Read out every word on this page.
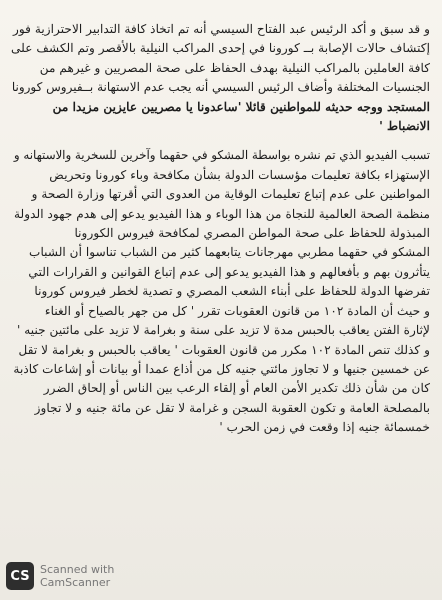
و قد سبق و أكد الرئيس عبد الفتاح السيسي أنه تم اتخاذ كافة التدابير الاحترازية فور
إكتشاف حالات الإصابة بــ كورونا في إحدى المراكب النيلية بالأقصر وتم الكشف على
كافة العاملين بالمراكب النيلية بهدف الحفاظ على صحة المصريين و غيرهم من
الجنسيات المختلفة وأضاف الرئيس السيسي أنه يجب عدم الاستهانة بــفيروس كورونا
المستجد ووجه حديثه للمواطنين قائلا 'ساعدونا يا مصريين عايزين مزيدا من
الانضباط '
تسبب الفيديو الذي تم نشره بواسطة المشكو في حقهما وآخرين للسخرية والاستهانه و
الإستهزاء بكافة تعليمات مؤسسات الدولة بشأن مكافحة وباء كورونا وتحريض
المواطنين على عدم إتباع تعليمات الوقاية من العدوى التي أقرتها وزارة الصحة و
منظمة الصحة العالمية للنجاة من هذا الوباء و هذا الفيديو يدعو إلى هدم جهود الدولة
المبذولة للحفاظ على صحة المواطن المصري لمكافحة فيروس الكورونا
المشكو في حقهما مطربي مهرجانات يتابعهما كثير من الشباب تناسوا أن الشباب
يتأثرون بهم و بأفعالهم و هذا الفيديو يدعو إلى عدم إتباع القوانين و القرارات التي
تفرضها الدولة للحفاظ على أبناء الشعب المصري و تصدية لخطر فيروس كورونا
و حيث أن المادة ١٠٢ من قانون العقوبات تقرر ' كل من جهر بالصياح أو الغناء
لإثارة الفتن يعاقب بالحبس مدة لا تزيد على سنة و بغرامة لا تزيد على مائتين جنيه '
و كذلك تنص المادة ١٠٢ مكرر من قانون العقوبات ' يعاقب بالحبس و بغرامة لا تقل
عن خمسين جنيها و لا تجاوز مائتي جنيه كل من أذاع عمدا أو بيانات أو إشاعات كاذبة
كان من شأن ذلك تكدير الأمن العام أو إلقاء الرعب بين الناس أو إلحاق الضرر
بالمصلحة العامة و تكون العقوبة السجن و غرامة لا تقل عن مائة جنيه و لا تجاوز
خمسمائة جنيه إذا وقعت في زمن الحرب '
CS Scanned with
CamScanner
